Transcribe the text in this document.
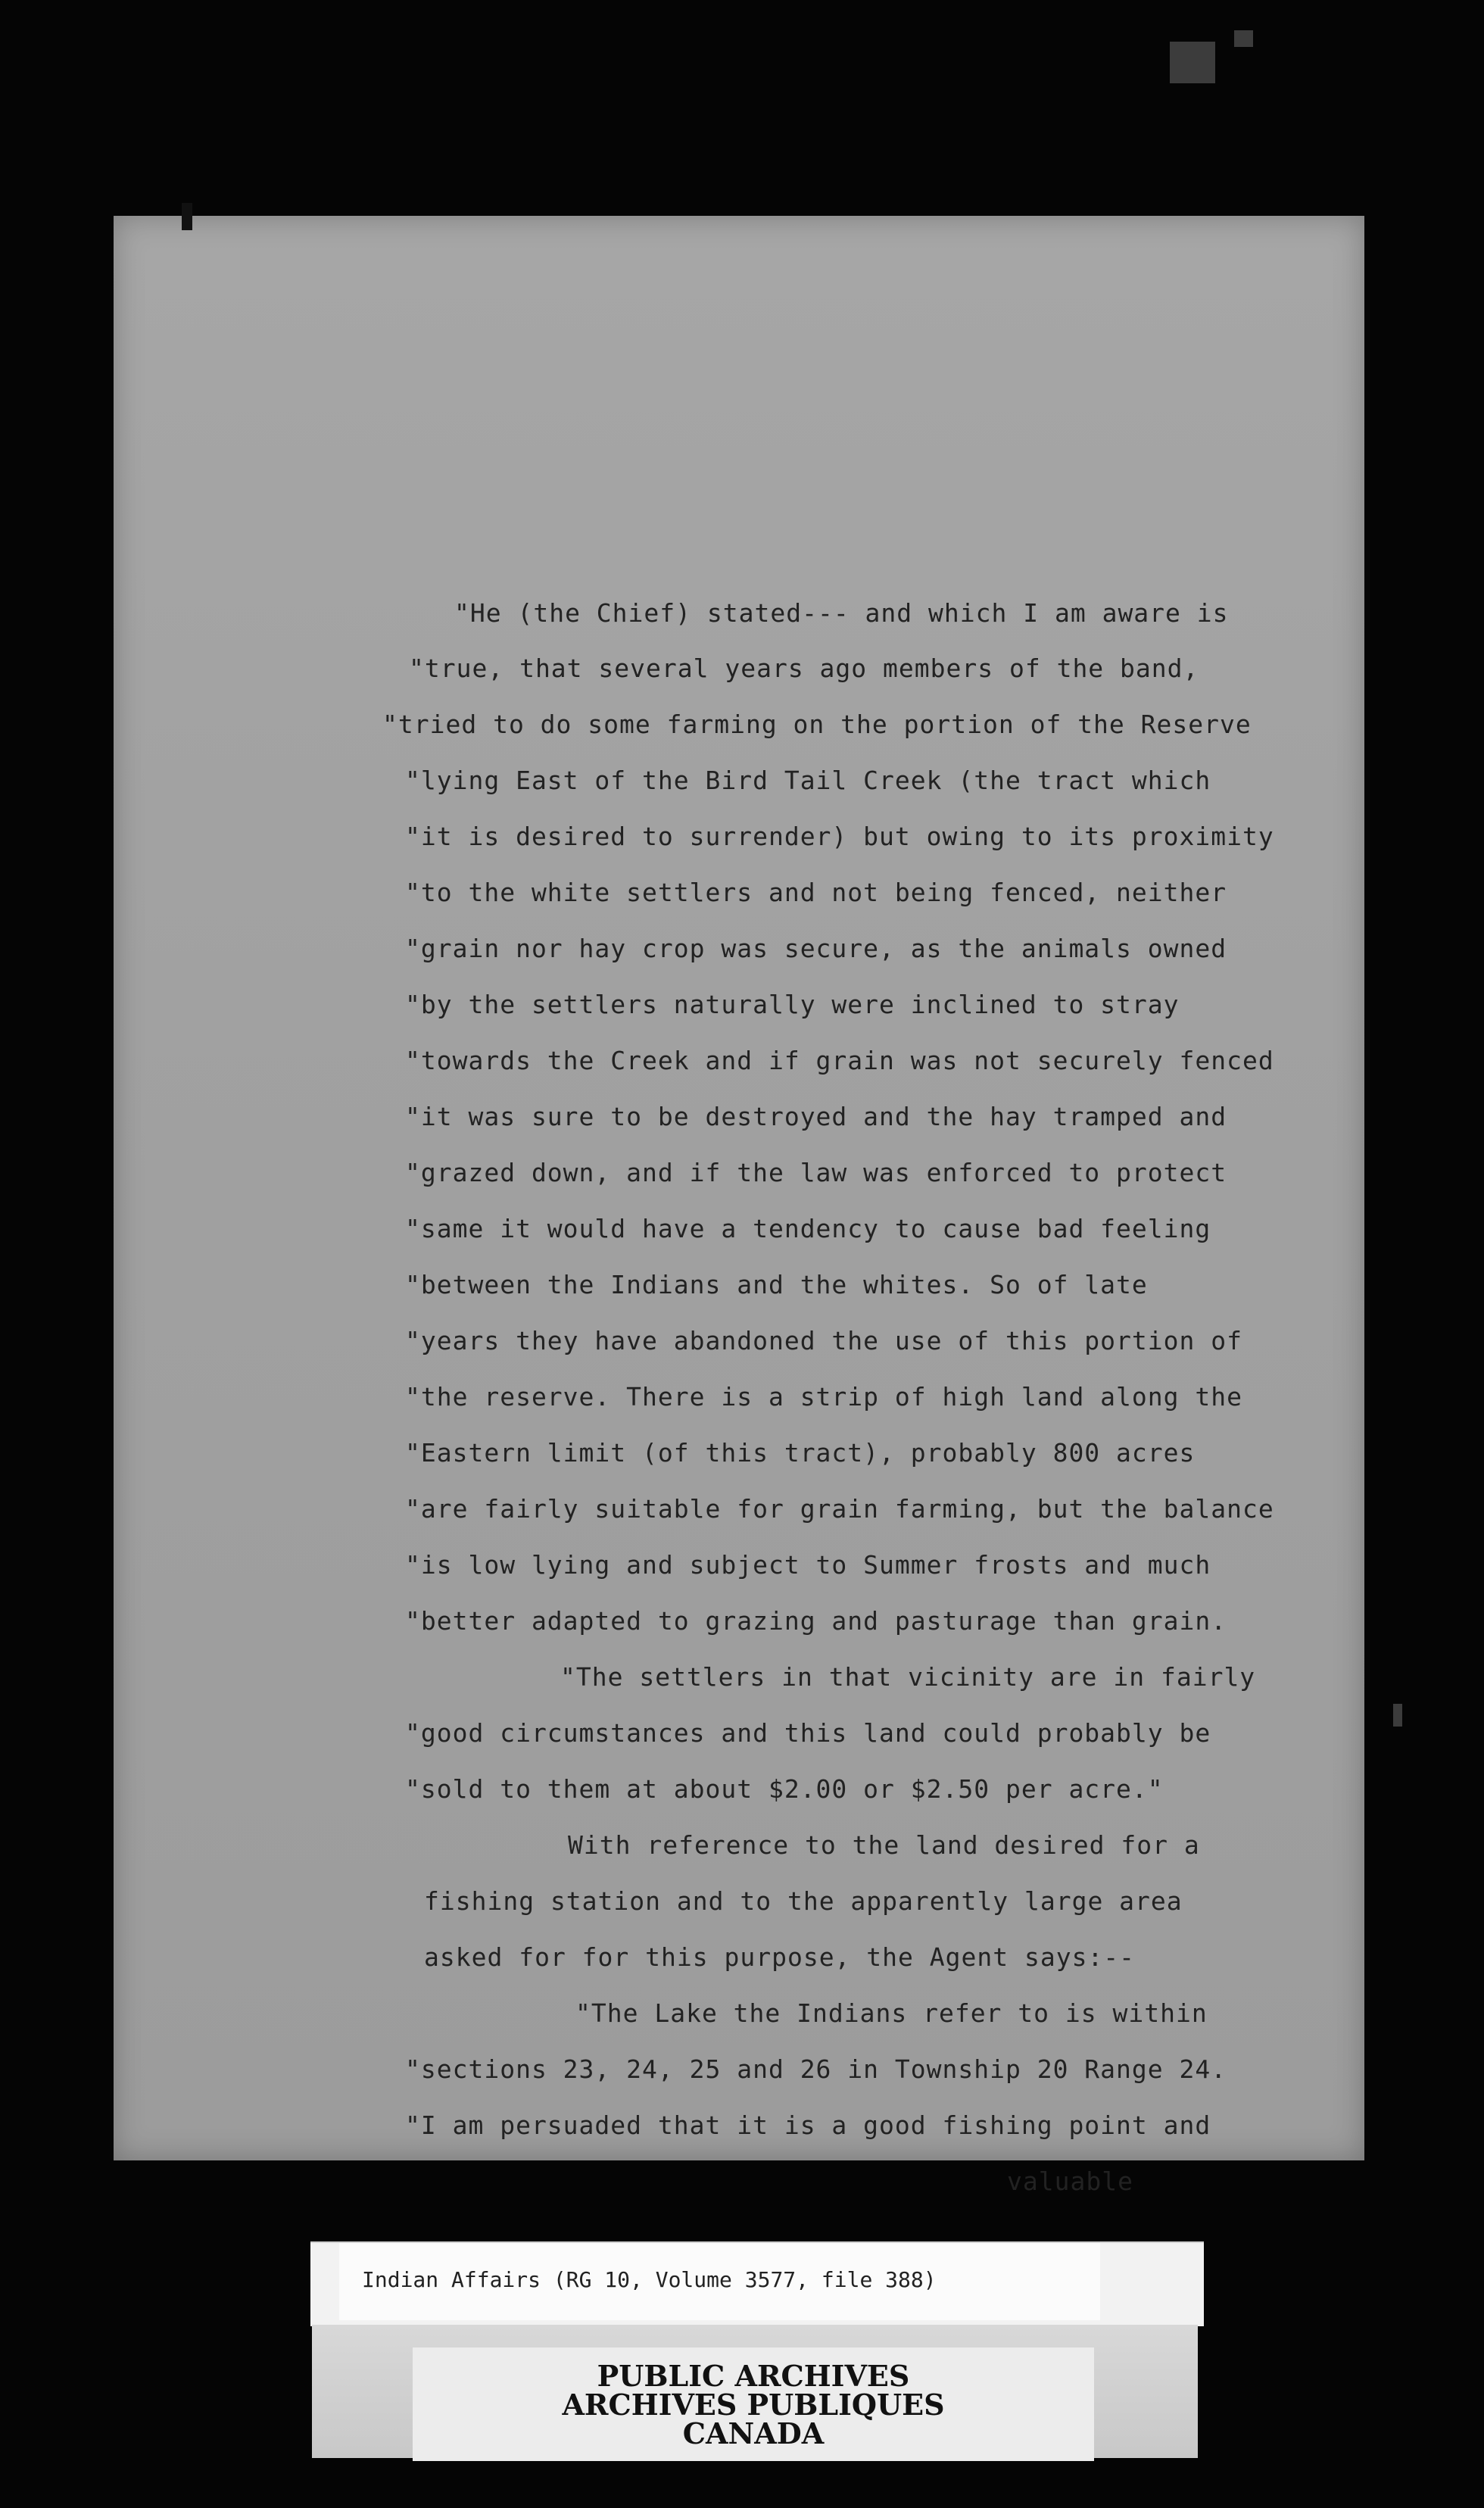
"He (the Chief) stated--- and which I am aware is
"true, that several years ago members of the band,
"tried to do some farming on the portion of the Reserve
"lying East of the Bird Tail Creek (the tract which
"it is desired to surrender) but owing to its proximity
"to the white settlers and not being fenced, neither
"grain nor hay crop was secure, as the animals owned
"by the settlers naturally were inclined to stray
"towards the Creek and if grain was not securely fenced
"it was sure to be destroyed and the hay tramped and
"grazed down, and if the law was enforced to protect
"same it would have a tendency to cause bad feeling
"between the Indians and the whites. So of late
"years they have abandoned the use of this portion of
"the reserve. There is a strip of high land along the
"Eastern limit (of this tract), probably 800 acres
"are fairly suitable for grain farming, but the balance
"is low lying and subject to Summer frosts and much
"better adapted to grazing and pasturage than grain.
"The settlers in that vicinity are in fairly
"good circumstances and this land could probably be
"sold to them at about $2.00 or $2.50 per acre."
With reference to the land desired for a
fishing station and to the apparently large area
asked for for this purpose, the Agent says:--
"The Lake the Indians refer to is within
"sections 23, 24, 25 and 26 in Township 20 Range 24.
"I am persuaded that it is a good fishing point and
valuable
Indian Affairs (RG 10, Volume 3577, file 388)
PUBLIC ARCHIVES
ARCHIVES PUBLIQUES
CANADA
